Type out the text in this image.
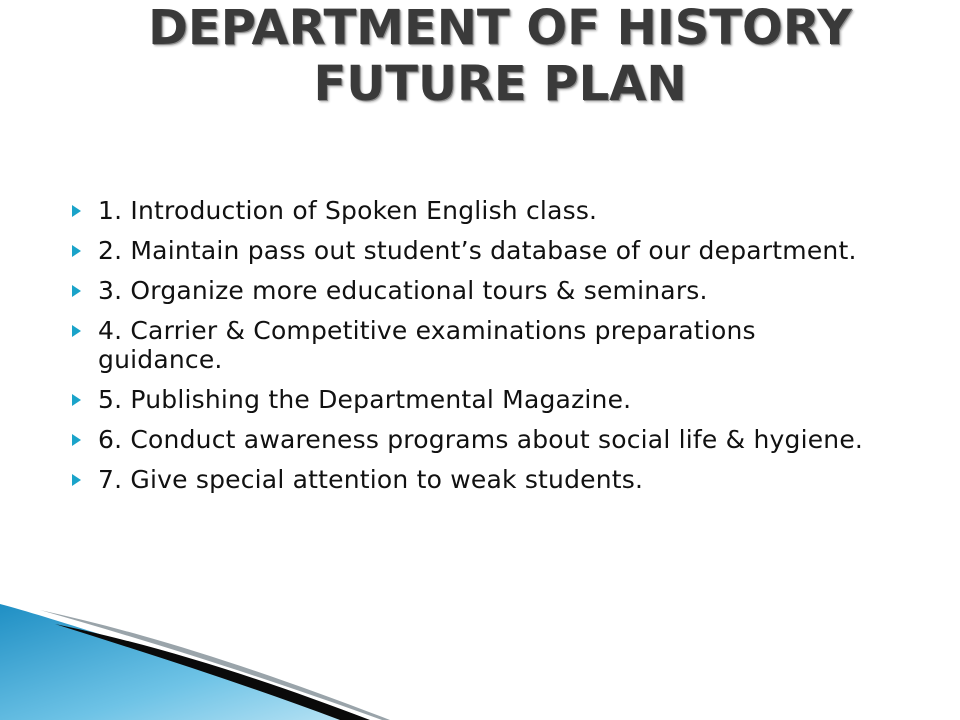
DEPARTMENT OF HISTORY
FUTURE PLAN
1. Introduction of Spoken English class.
2. Maintain pass out student’s database of our department.
3. Organize more educational tours & seminars.
4. Carrier & Competitive examinations preparations guidance.
5. Publishing the Departmental Magazine.
6. Conduct awareness programs about social life & hygiene.
7. Give special attention to weak students.
